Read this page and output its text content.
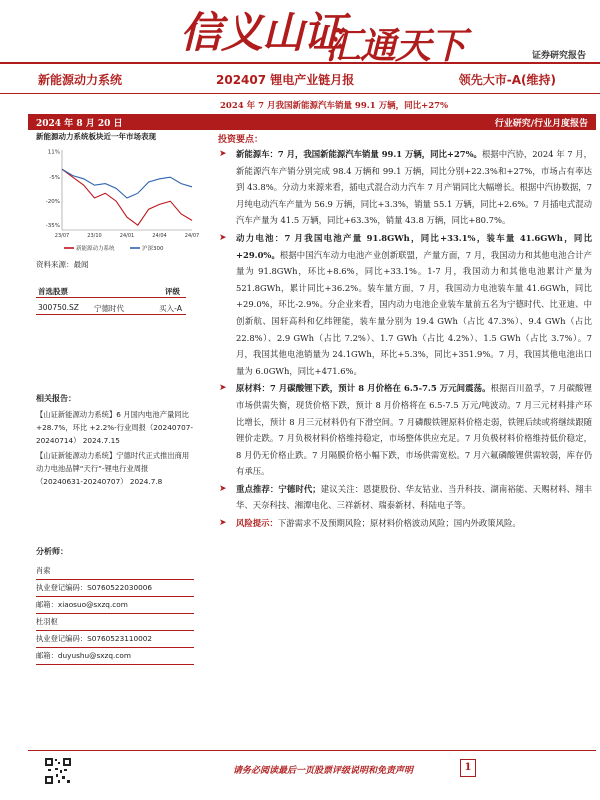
信义山证
汇通天下	证券研究报告
新能源动力系统	202407 锂电产业链月报	领先大市-A(维持)
2024 年 7 月我国新能源汽车销量 99.1 万辆，同比+27%
2024 年 8 月 20 日	行业研究/行业月度报告
新能源动力系统板块近一年市场表现
11%
-5%
-20%
-35%
23/07	23/10	24/01	24/04	24/07
新能源动力系统	沪深300
资料来源：最闻
首选股票	评级
300750.SZ 宁德时代	买入-A
相关报告：

【山证新能源动力系统】6 月国内电池产量同比 +28.7%，环比 +2.2%-行业周报（20240707-20240714） 2024.7.15

【山证新能源动力系统】宁德时代正式推出商用动力电池品牌“天行”-锂电行业周报（20240631-20240707） 2024.7.8

分析师：
肖索
执业登记编码：S0760522030006
邮箱：xiaosuo@sxzq.com
杜羽枢
执业登记编码：S0760523110002
邮箱：duyushu@sxzq.com
投资要点：
➤ 新能源车：7 月，我国新能源汽车销量 99.1 万辆，同比+27%。根据中汽协，2024 年 7 月，新能源汽车产销分别完成 98.4 万辆和 99.1 万辆，同比分别+22.3%和+27%，市场占有率达到 43.8%。分动力来源来看，插电式混合动力汽车 7 月产销同比大幅增长。根据中汽协数据，7 月纯电动汽车产量为 56.9 万辆，同比+3.3%，销量 55.1 万辆，同比+2.6%。7 月插电式混动汽车产量为 41.5 万辆，同比+63.3%，销量 43.8 万辆，同比+80.7%。
➤ 动力电池：7 月我国电池产量 91.8GWh，同比+33.1%，装车量 41.6GWh，同比+29.0%。根据中国汽车动力电池产业创新联盟，产量方面，7 月，我国动力和其他电池合计产量为 91.8GWh，环比+8.6%，同比+33.1%。1-7 月，我国动力和其他电池累计产量为 521.8GWh，累计同比+36.2%。装车量方面，7 月，我国动力电池装车量 41.6GWh，同比+29.0%，环比-2.9%。分企业来看，国内动力电池企业装车量前五名为宁德时代、比亚迪、中创新航、国轩高科和亿纬锂能，装车量分别为 19.4 GWh（占比 47.3%）、9.4 GWh（占比 22.8%）、2.9 GWh（占比 7.2%）、1.7 GWh（占比 4.2%）、1.5 GWh（占比 3.7%）。7 月，我国其他电池销量为 24.1GWh，环比+5.3%，同比+351.9%。7 月，我国其他电池出口量为 6.0GWh，同比+471.6%。
➤ 原材料：7 月碳酸锂下跌，预计 8 月价格在 6.5-7.5 万元间震荡。根据百川盈孚，7 月碳酸锂市场供需失衡，现货价格下跌，预计 8 月价格将在 6.5-7.5 万元/吨波动。7 月三元材料排产环比增长，预计 8 月三元材料仍有下滑空间。7 月磷酸铁锂原料价格走弱，铁锂后续或将继续跟随锂价走跌。7 月负极材料价格维持稳定，市场整体供应充足。7 月负极材料价格维持低价稳定，8 月仍无价格止跌。7 月隔膜价格小幅下跌，市场供需宽松。7 月六氟磷酸锂供需较弱，库存仍有承压。
➤ 重点推荐：宁德时代；建议关注：恩捷股份、华友钴业、当升科技、湖南裕能、天赐材料、翔丰华、天奈科技、湘潭电化、三祥新材、瑞泰新材、科陆电子等。
➤ 风险提示：下游需求不及预期风险；原材料价格波动风险；国内外政策风险。
请务必阅读最后一页股票评级说明和免责声明	1
